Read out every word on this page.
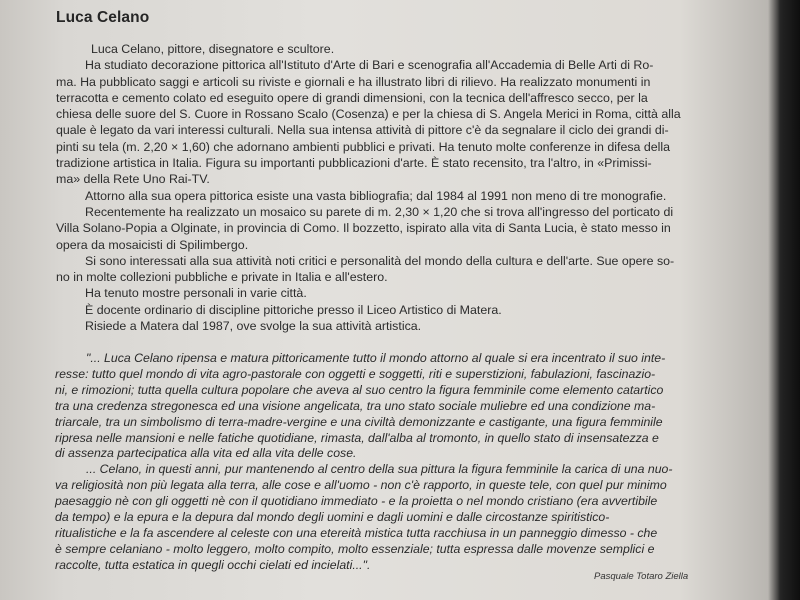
Luca Celano
Luca Celano, pittore, disegnatore e scultore.
Ha studiato decorazione pittorica all'Istituto d'Arte di Bari e scenografia all'Accademia di Belle Arti di Ro-
ma. Ha pubblicato saggi e articoli su riviste e giornali e ha illustrato libri di rilievo. Ha realizzato monumenti in
terracotta e cemento colato ed eseguito opere di grandi dimensioni, con la tecnica dell'affresco secco, per la
chiesa delle suore del S. Cuore in Rossano Scalo (Cosenza) e per la chiesa di S. Angela Merici in Roma, città alla
quale è legato da vari interessi culturali. Nella sua intensa attività di pittore c'è da segnalare il ciclo dei grandi di-
pinti su tela (m. 2,20 × 1,60) che adornano ambienti pubblici e privati. Ha tenuto molte conferenze in difesa della
tradizione artistica in Italia. Figura su importanti pubblicazioni d'arte. È stato recensito, tra l'altro, in «Primissi-
ma» della Rete Uno Rai-TV.
Attorno alla sua opera pittorica esiste una vasta bibliografia; dal 1984 al 1991 non meno di tre monografie.
Recentemente ha realizzato un mosaico su parete di m. 2,30 × 1,20 che si trova all'ingresso del porticato di
Villa Solano-Popia a Olginate, in provincia di Como. Il bozzetto, ispirato alla vita di Santa Lucia, è stato messo in
opera da mosaicisti di Spilimbergo.
Si sono interessati alla sua attività noti critici e personalità del mondo della cultura e dell'arte. Sue opere so-
no in molte collezioni pubbliche e private in Italia e all'estero.
Ha tenuto mostre personali in varie città.
È docente ordinario di discipline pittoriche presso il Liceo Artistico di Matera.
Risiede a Matera dal 1987, ove svolge la sua attività artistica.
"... Luca Celano ripensa e matura pittoricamente tutto il mondo attorno al quale si era incentrato il suo inte-
resse: tutto quel mondo di vita agro-pastorale con oggetti e soggetti, riti e superstizioni, fabulazioni, fascinazio-
ni, e rimozioni; tutta quella cultura popolare che aveva al suo centro la figura femminile come elemento catartico
tra una credenza stregonesca ed una visione angelicata, tra uno stato sociale muliebre ed una condizione ma-
triarcale, tra un simbolismo di terra-madre-vergine e una civiltà demonizzante e castigante, una figura femminile
ripresa nelle mansioni e nelle fatiche quotidiane, rimasta, dall'alba al tromonto, in quello stato di insensatezza e
di assenza partecipatica alla vita ed alla vita delle cose.
... Celano, in questi anni, pur mantenendo al centro della sua pittura la figura femminile la carica di una nuo-
va religiosità non più legata alla terra, alle cose e all'uomo - non c'è rapporto, in queste tele, con quel pur minimo
paesaggio nè con gli oggetti nè con il quotidiano immediato - e la proietta o nel mondo cristiano (era avvertibile
da tempo) e la epura e la depura dal mondo degli uomini e dagli uomini e dalle circostanze spiritistico-
ritualistiche e la fa ascendere al celeste con una etereità mistica tutta racchiusa in un panneggio dimesso - che
è sempre celaniano - molto leggero, molto compito, molto essenziale; tutta espressa dalle movenze semplici e
raccolte, tutta estatica in quegli occhi cielati ed incielati...".
Pasquale Totaro Ziella
